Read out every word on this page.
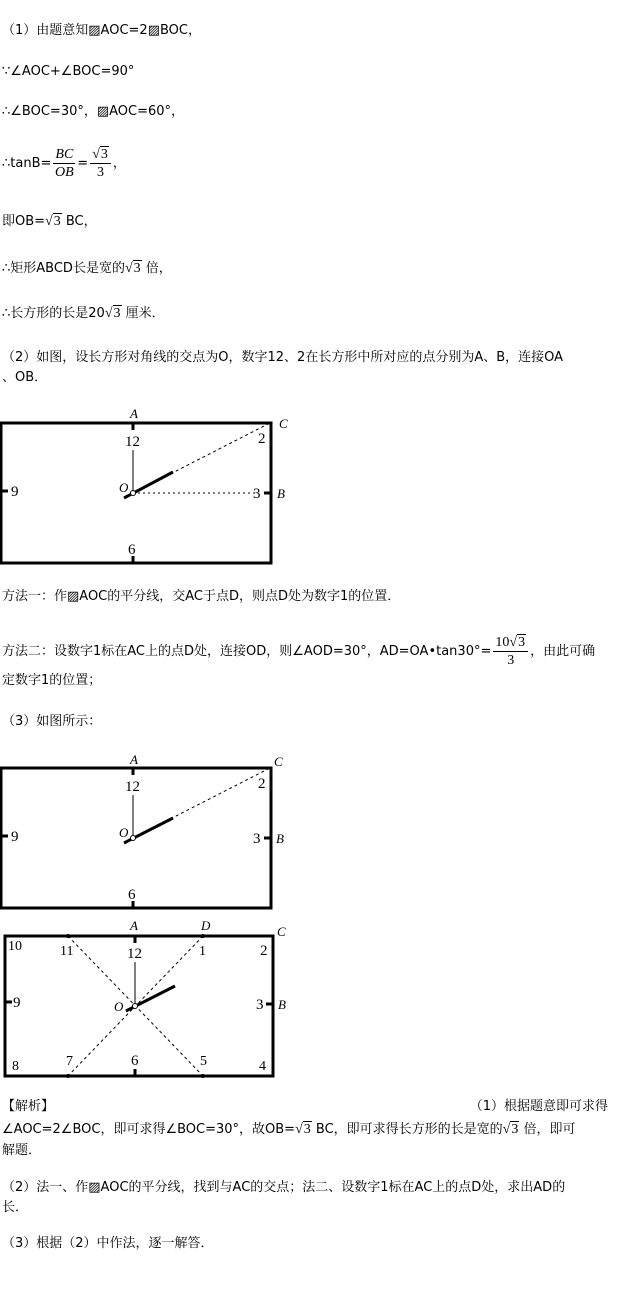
（1）由题意知▨AOC=2▨BOC，
∵∠AOC+∠BOC=90°
∴∠BOC=30°，▨AOC=60°，
∴tanB= $\frac{BC}{OB} = \frac{√3}{3}$ ，
即OB=√3 BC，
∴矩形ABCD长是宽的√3 倍，
∴长方形的长是20√3 厘米．
（2）如图，设长方形对角线的交点为O，数字12、2在长方形中所对应的点分别为A、B，连接OA
、OB．
A
12	2
C
9	3 B
O
6
方法一：作▨AOC的平分线，交AC于点D，则点D处为数字1的位置．
方法二：设数字1标在AC上的点D处，连接OD，则∠AOD=30°，AD=OA•tan30°= $\frac{10√3}{3}$ ，由此可确
定数字1的位置；
（3）如图所示：
A
12	2
C
9	3 B
O
6
A	D	C
10	11	12	1	2
9	3 B
O
8	7	6	5	4
【解析】	（1）根据题意即可求得
∠AOC=2∠BOC，即可求得∠BOC=30°，故OB=√3 BC，即可求得长方形的长是宽的√3 倍，即可
解题．
（2）法一、作▨AOC的平分线，找到与AC的交点；法二、设数字1标在AC上的点D处，求出AD的
长．
（3）根据（2）中作法，逐一解答．
